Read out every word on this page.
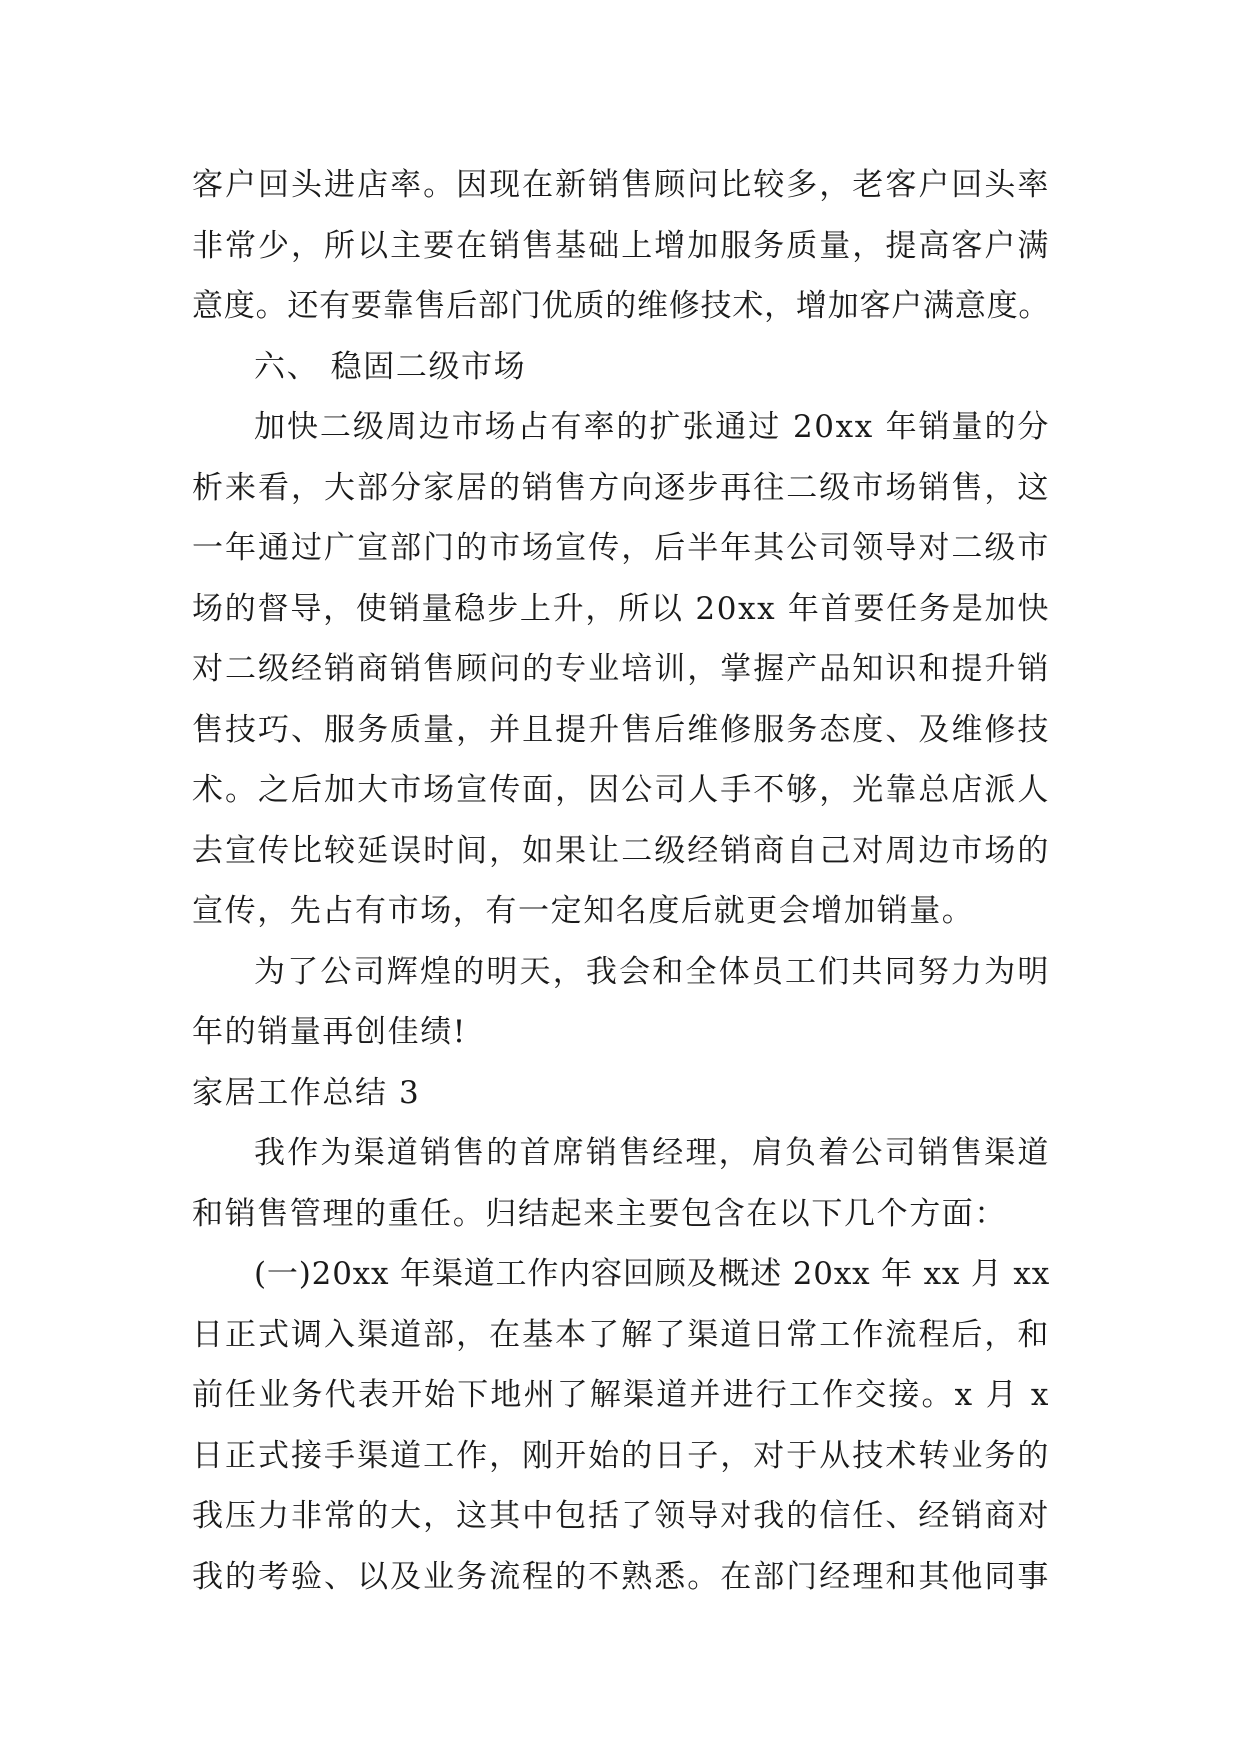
客户回头进店率。因现在新销售顾问比较多，老客户回头率
非常少，所以主要在销售基础上增加服务质量，提高客户满
意度。还有要靠售后部门优质的维修技术，增加客户满意度。
六、 稳固二级市场
加快二级周边市场占有率的扩张通过 20xx 年销量的分
析来看，大部分家居的销售方向逐步再往二级市场销售，这
一年通过广宣部门的市场宣传，后半年其公司领导对二级市
场的督导，使销量稳步上升，所以 20xx 年首要任务是加快
对二级经销商销售顾问的专业培训，掌握产品知识和提升销
售技巧、服务质量，并且提升售后维修服务态度、及维修技
术。之后加大市场宣传面，因公司人手不够，光靠总店派人
去宣传比较延误时间，如果让二级经销商自己对周边市场的
宣传，先占有市场，有一定知名度后就更会增加销量。
为了公司辉煌的明天，我会和全体员工们共同努力为明
年的销量再创佳绩!
家居工作总结 3
我作为渠道销售的首席销售经理，肩负着公司销售渠道
和销售管理的重任。归结起来主要包含在以下几个方面：
(一)20xx 年渠道工作内容回顾及概述 20xx 年 xx 月 xx
日正式调入渠道部，在基本了解了渠道日常工作流程后，和
前任业务代表开始下地州了解渠道并进行工作交接。x 月 x
日正式接手渠道工作，刚开始的日子，对于从技术转业务的
我压力非常的大，这其中包括了领导对我的信任、经销商对
我的考验、以及业务流程的不熟悉。在部门经理和其他同事
